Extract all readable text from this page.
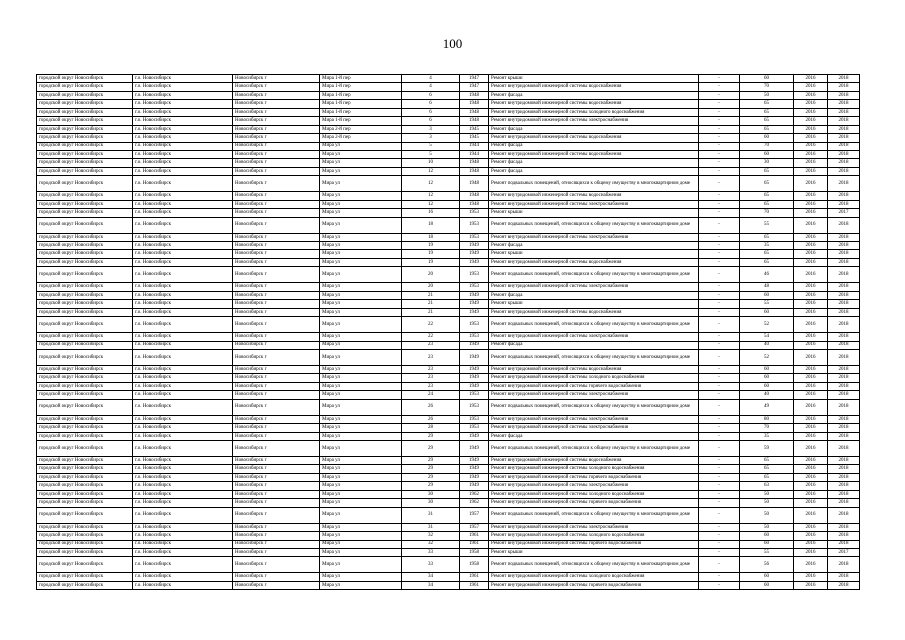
100
городской округ Новосибирск	г.о. Новосибирск	Новосибирск г	Мира 1-й пер	4	1947	Ремонт крыши	-	60	2016	2018
городской округ Новосибирск	г.о. Новосибирск	Новосибирск г	Мира 1-й пер	4	1947	Ремонт внутридомовой инженерной системы водоснабжения	-	70	2016	2018
городской округ Новосибирск	г.о. Новосибирск	Новосибирск г	Мира 1-й пер	6	1948	Ремонт фасада	-	50	2016	2018
городской округ Новосибирск	г.о. Новосибирск	Новосибирск г	Мира 1-й пер	6	1948	Ремонт внутридомовой инженерной системы водоснабжения	-	65	2016	2018
городской округ Новосибирск	г.о. Новосибирск	Новосибирск г	Мира 1-й пер	6	1948	Ремонт внутридомовой инженерной системы холодного водоснабжения	-	65	2016	2018
городской округ Новосибирск	г.о. Новосибирск	Новосибирск г	Мира 1-й пер	6	1948	Ремонт внутридомовой инженерной системы электроснабжения	-	65	2016	2018
городской округ Новосибирск	г.о. Новосибирск	Новосибирск г	Мира 2-й пер	3	1945	Ремонт фасада	-	65	2016	2018
городской округ Новосибирск	г.о. Новосибирск	Новосибирск г	Мира 2-й пер	3	1945	Ремонт внутридомовой инженерной системы водоснабжения	-	60	2016	2018
городской округ Новосибирск	г.о. Новосибирск	Новосибирск г	Мира ул	5	1944	Ремонт фасада	-	70	2016	2018
городской округ Новосибирск	г.о. Новосибирск	Новосибирск г	Мира ул	5	1944	Ремонт внутридомовой инженерной системы водоснабжения	-	60	2016	2018
городской округ Новосибирск	г.о. Новосибирск	Новосибирск г	Мира ул	10	1948	Ремонт фасада	-	30	2016	2018
городской округ Новосибирск	г.о. Новосибирск	Новосибирск г	Мира ул	12	1948	Ремонт фасада	-	65	2016	2018
городской округ Новосибирск	г.о. Новосибирск	Новосибирск г	Мира ул	12	1948	Ремонт подвальных помещений, относящихся к общему имуществу в многоквартирном доме	-	65	2016	2018
городской округ Новосибирск	г.о. Новосибирск	Новосибирск г	Мира ул	12	1948	Ремонт внутридомовой инженерной системы водоснабжения	-	65	2016	2018
городской округ Новосибирск	г.о. Новосибирск	Новосибирск г	Мира ул	12	1948	Ремонт внутридомовой инженерной системы электроснабжения	-	65	2016	2018
городской округ Новосибирск	г.о. Новосибирск	Новосибирск г	Мира ул	16	1953	Ремонт крыши	-	70	2016	2017
городской округ Новосибирск	г.о. Новосибирск	Новосибирск г	Мира ул	18	1953	Ремонт подвальных помещений, относящихся к общему имуществу в многоквартирном доме	-	55	2016	2018
городской округ Новосибирск	г.о. Новосибирск	Новосибирск г	Мира ул	18	1953	Ремонт внутридомовой инженерной системы электроснабжения	-	65	2016	2018
городской округ Новосибирск	г.о. Новосибирск	Новосибирск г	Мира ул	19	1949	Ремонт фасада	-	35	2016	2018
городской округ Новосибирск	г.о. Новосибирск	Новосибирск г	Мира ул	19	1949	Ремонт крыши	-	65	2016	2018
городской округ Новосибирск	г.о. Новосибирск	Новосибирск г	Мира ул	19	1949	Ремонт внутридомовой инженерной системы водоснабжения	-	65	2016	2018
городской округ Новосибирск	г.о. Новосибирск	Новосибирск г	Мира ул	20	1953	Ремонт подвальных помещений, относящихся к общему имуществу в многоквартирном доме	-	46	2016	2018
городской округ Новосибирск	г.о. Новосибирск	Новосибирск г	Мира ул	20	1953	Ремонт внутридомовой инженерной системы электроснабжения	-	48	2016	2018
городской округ Новосибирск	г.о. Новосибирск	Новосибирск г	Мира ул	21	1949	Ремонт фасада	-	60	2016	2018
городской округ Новосибирск	г.о. Новосибирск	Новосибирск г	Мира ул	21	1949	Ремонт крыши	-	55	2016	2018
городской округ Новосибирск	г.о. Новосибирск	Новосибирск г	Мира ул	21	1949	Ремонт внутридомовой инженерной системы водоснабжения	-	60	2016	2018
городской округ Новосибирск	г.о. Новосибирск	Новосибирск г	Мира ул	22	1953	Ремонт подвальных помещений, относящихся к общему имуществу в многоквартирном доме	-	52	2016	2018
городской округ Новосибирск	г.о. Новосибирск	Новосибирск г	Мира ул	22	1953	Ремонт внутридомовой инженерной системы электроснабжения	-	54	2016	2018
городской округ Новосибирск	г.о. Новосибирск	Новосибирск г	Мира ул	23	1949	Ремонт фасада	-	40	2016	2018
городской округ Новосибирск	г.о. Новосибирск	Новосибирск г	Мира ул	23	1949	Ремонт подвальных помещений, относящихся к общему имуществу в многоквартирном доме	-	52	2016	2018
городской округ Новосибирск	г.о. Новосибирск	Новосибирск г	Мира ул	23	1949	Ремонт внутридомовой инженерной системы водоснабжения	-	60	2016	2018
городской округ Новосибирск	г.о. Новосибирск	Новосибирск г	Мира ул	23	1949	Ремонт внутридомовой инженерной системы холодного водоснабжения	-	60	2016	2018
городской округ Новосибирск	г.о. Новосибирск	Новосибирск г	Мира ул	23	1949	Ремонт внутридомовой инженерной системы горячего водоснабжения	-	60	2016	2018
городской округ Новосибирск	г.о. Новосибирск	Новосибирск г	Мира ул	24	1953	Ремонт внутридомовой инженерной системы электроснабжения	-	40	2016	2018
городской округ Новосибирск	г.о. Новосибирск	Новосибирск г	Мира ул	26	1953	Ремонт подвальных помещений, относящихся к общему имуществу в многоквартирном доме	-	49	2016	2018
городской округ Новосибирск	г.о. Новосибирск	Новосибирск г	Мира ул	26	1953	Ремонт внутридомовой инженерной системы электроснабжения	-	80	2016	2018
городской округ Новосибирск	г.о. Новосибирск	Новосибирск г	Мира ул	28	1953	Ремонт внутридомовой инженерной системы электроснабжения	-	70	2016	2018
городской округ Новосибирск	г.о. Новосибирск	Новосибирск г	Мира ул	29	1949	Ремонт фасада	-	35	2016	2018
городской округ Новосибирск	г.о. Новосибирск	Новосибирск г	Мира ул	29	1949	Ремонт подвальных помещений, относящихся к общему имуществу в многоквартирном доме	-	59	2016	2018
городской округ Новосибирск	г.о. Новосибирск	Новосибирск г	Мира ул	29	1949	Ремонт внутридомовой инженерной системы водоснабжения	-	65	2016	2018
городской округ Новосибирск	г.о. Новосибирск	Новосибирск г	Мира ул	29	1949	Ремонт внутридомовой инженерной системы холодного водоснабжения	-	65	2016	2018
городской округ Новосибирск	г.о. Новосибирск	Новосибирск г	Мира ул	29	1949	Ремонт внутридомовой инженерной системы горячего водоснабжения	-	65	2016	2018
городской округ Новосибирск	г.о. Новосибирск	Новосибирск г	Мира ул	29	1949	Ремонт внутридомовой инженерной системы электроснабжения	-	63	2016	2018
городской округ Новосибирск	г.о. Новосибирск	Новосибирск г	Мира ул	30	1962	Ремонт внутридомовой инженерной системы холодного водоснабжения	-	50	2016	2018
городской округ Новосибирск	г.о. Новосибирск	Новосибирск г	Мира ул	30	1962	Ремонт внутридомовой инженерной системы горячего водоснабжения	-	50	2016	2018
городской округ Новосибирск	г.о. Новосибирск	Новосибирск г	Мира ул	31	1957	Ремонт подвальных помещений, относящихся к общему имуществу в многоквартирном доме	-	50	2016	2018
городской округ Новосибирск	г.о. Новосибирск	Новосибирск г	Мира ул	31	1957	Ремонт внутридомовой инженерной системы электроснабжения	-	50	2016	2018
городской округ Новосибирск	г.о. Новосибирск	Новосибирск г	Мира ул	32	1961	Ремонт внутридомовой инженерной системы холодного водоснабжения	-	60	2016	2018
городской округ Новосибирск	г.о. Новосибирск	Новосибирск г	Мира ул	32	1961	Ремонт внутридомовой инженерной системы горячего водоснабжения	-	60	2016	2018
городской округ Новосибирск	г.о. Новосибирск	Новосибирск г	Мира ул	33	1958	Ремонт крыши	-	55	2016	2017
городской округ Новосибирск	г.о. Новосибирск	Новосибирск г	Мира ул	33	1958	Ремонт подвальных помещений, относящихся к общему имуществу в многоквартирном доме	-	56	2016	2018
городской округ Новосибирск	г.о. Новосибирск	Новосибирск г	Мира ул	34	1961	Ремонт внутридомовой инженерной системы холодного водоснабжения	-	60	2016	2018
городской округ Новосибирск	г.о. Новосибирск	Новосибирск г	Мира ул	34	1961	Ремонт внутридомовой инженерной системы горячего водоснабжения	-	60	2016	2018
